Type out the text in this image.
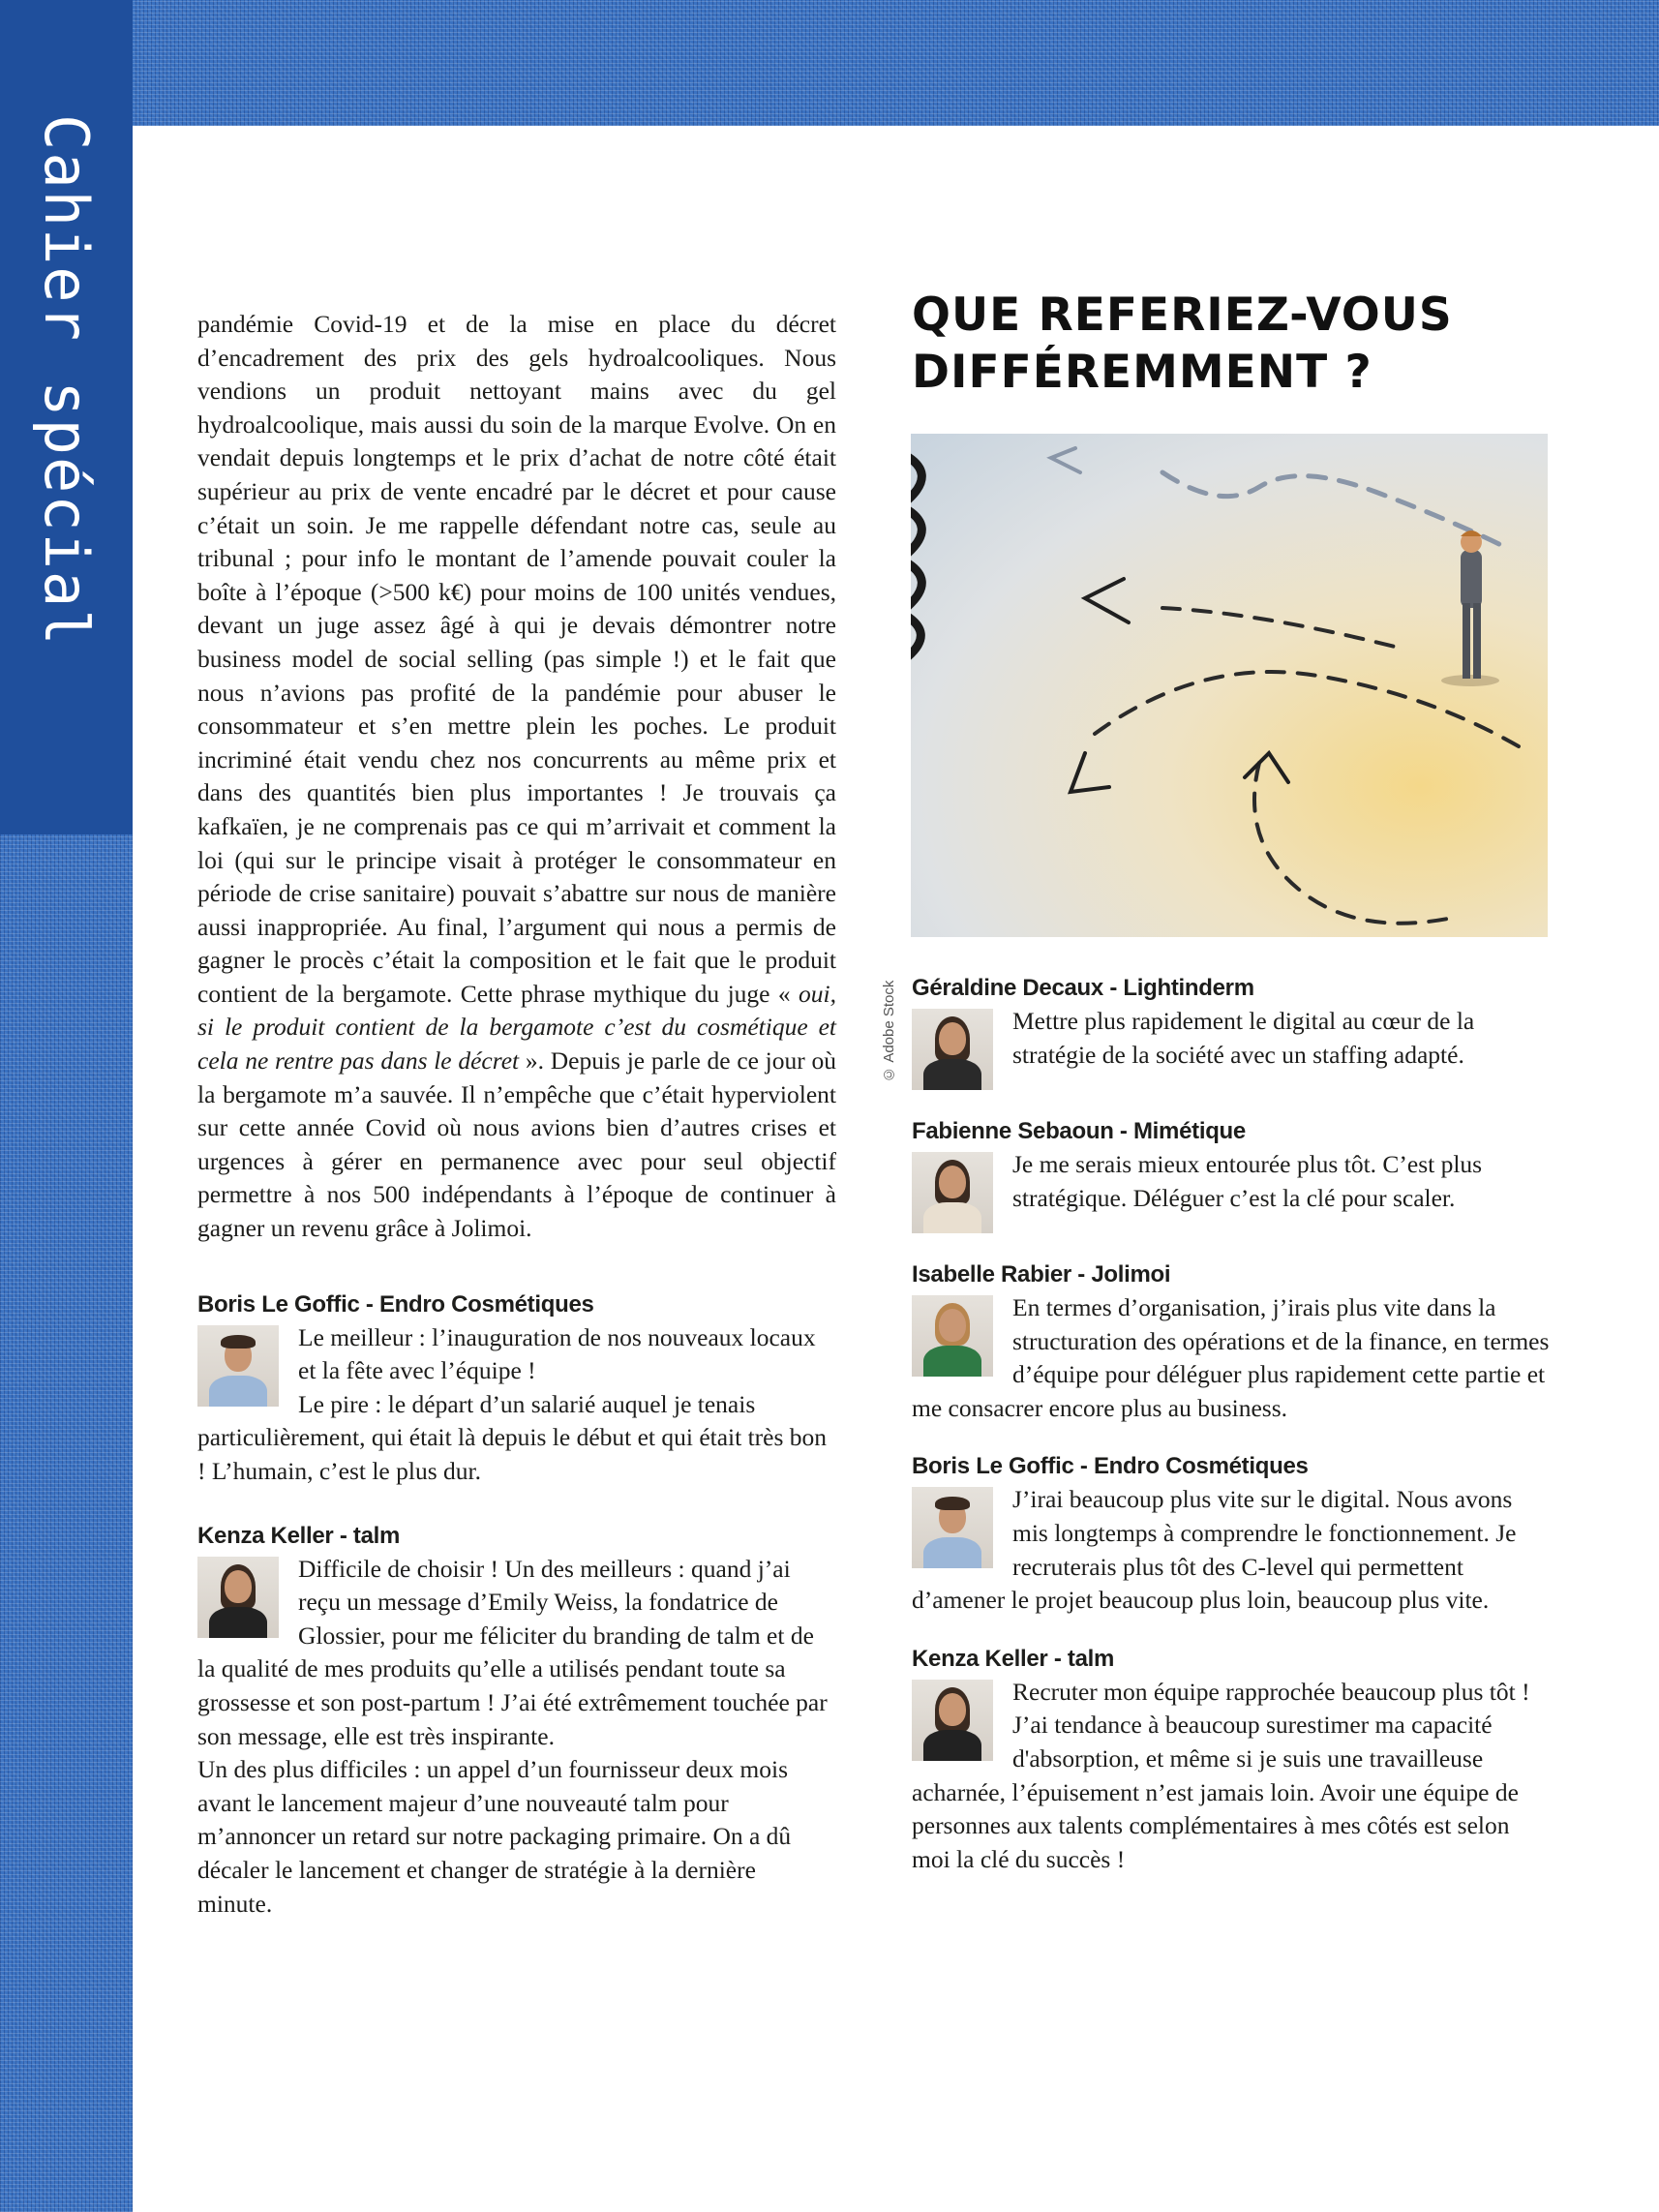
Cahier spécial	pandémie Covid-19 et de la mise en place du décret d’encadrement des prix des gels hydroalcooliques. Nous vendions un produit nettoyant mains avec du gel hydroalcoolique, mais aussi du soin de la marque Evolve. On en vendait depuis longtemps et le prix d’achat de notre côté était supérieur au prix de vente encadré par le décret et pour cause c’était un soin. Je me rappelle défendant notre cas, seule au tribunal ; pour info le montant de l’amende pouvait couler la boîte à l’époque (>500 k€) pour moins de 100 unités vendues, devant un juge assez âgé à qui je devais démontrer notre business model de social selling (pas simple !) et le fait que nous n’avions pas profité de la pandémie pour abuser le consommateur et s’en mettre plein les poches. Le produit incriminé était vendu chez nos concurrents au même prix et dans des quantités bien plus importantes ! Je trouvais ça kafkaïen, je ne comprenais pas ce qui m’arrivait et comment la loi (qui sur le principe visait à protéger le consommateur en période de crise sanitaire) pouvait s’abattre sur nous de manière aussi inappropriée. Au final, l’argument qui nous a permis de gagner le procès c’était la composition et le fait que le produit contient de la bergamote. Cette phrase mythique du juge « oui, si le produit contient de la bergamote c’est du cosmétique et cela ne rentre pas dans le décret ». Depuis je parle de ce jour où la bergamote m’a sauvée. Il n’empêche que c’était hyperviolent sur cette année Covid où nous avions bien d’autres crises et urgences à gérer en permanence avec pour seul objectif permettre à nos 500 indépendants à l’époque de continuer à gagner un revenu grâce à Jolimoi.

Boris Le Goffic - Endro Cosmétiques

Le meilleur : l’inauguration de nos nouveaux locaux et la fête avec l’équipe !

Le pire : le départ d’un salarié auquel je tenais particulièrement, qui était là depuis le début et qui était très bon ! L’humain, c’est le plus dur.

Kenza Keller - talm

Difficile de choisir ! Un des meilleurs : quand j’ai reçu un message d’Emily Weiss, la fondatrice de Glossier, pour me féliciter du branding de talm et de la qualité de mes produits qu’elle a utilisés pendant toute sa grossesse et son post-partum ! J’ai été extrêmement touchée par son message, elle est très inspirante.

Un des plus difficiles : un appel d’un fournisseur deux mois avant le lancement majeur d’une nouveauté talm pour m’annoncer un retard sur notre packaging primaire. On a dû décaler le lancement et changer de stratégie à la dernière minute.

QUE REFERIEZ-VOUS
DIFFÉREMMENT ?
© Adobe Stock Géraldine Decaux - Lightinderm

Mettre plus rapidement le digital au cœur de la stratégie de la société avec un staffing adapté.

Fabienne Sebaoun - Mimétique

Je me serais mieux entourée plus tôt. C’est plus stratégique. Déléguer c’est la clé pour scaler.

Isabelle Rabier - Jolimoi

En termes d’organisation, j’irais plus vite dans la structuration des opérations et de la finance, en termes d’équipe pour déléguer plus rapidement cette partie et me consacrer encore plus au business.

Boris Le Goffic - Endro Cosmétiques

J’irai beaucoup plus vite sur le digital. Nous avons mis longtemps à comprendre le fonctionnement. Je recruterais plus tôt des C-level qui permettent d’amener le projet beaucoup plus loin, beaucoup plus vite.

Kenza Keller - talm

Recruter mon équipe rapprochée beaucoup plus tôt ! J’ai tendance à beaucoup surestimer ma capacité d'absorption, et même si je suis une travailleuse acharnée, l’épuisement n’est jamais loin. Avoir une équipe de personnes aux talents complémentaires à mes côtés est selon moi la clé du succès !
